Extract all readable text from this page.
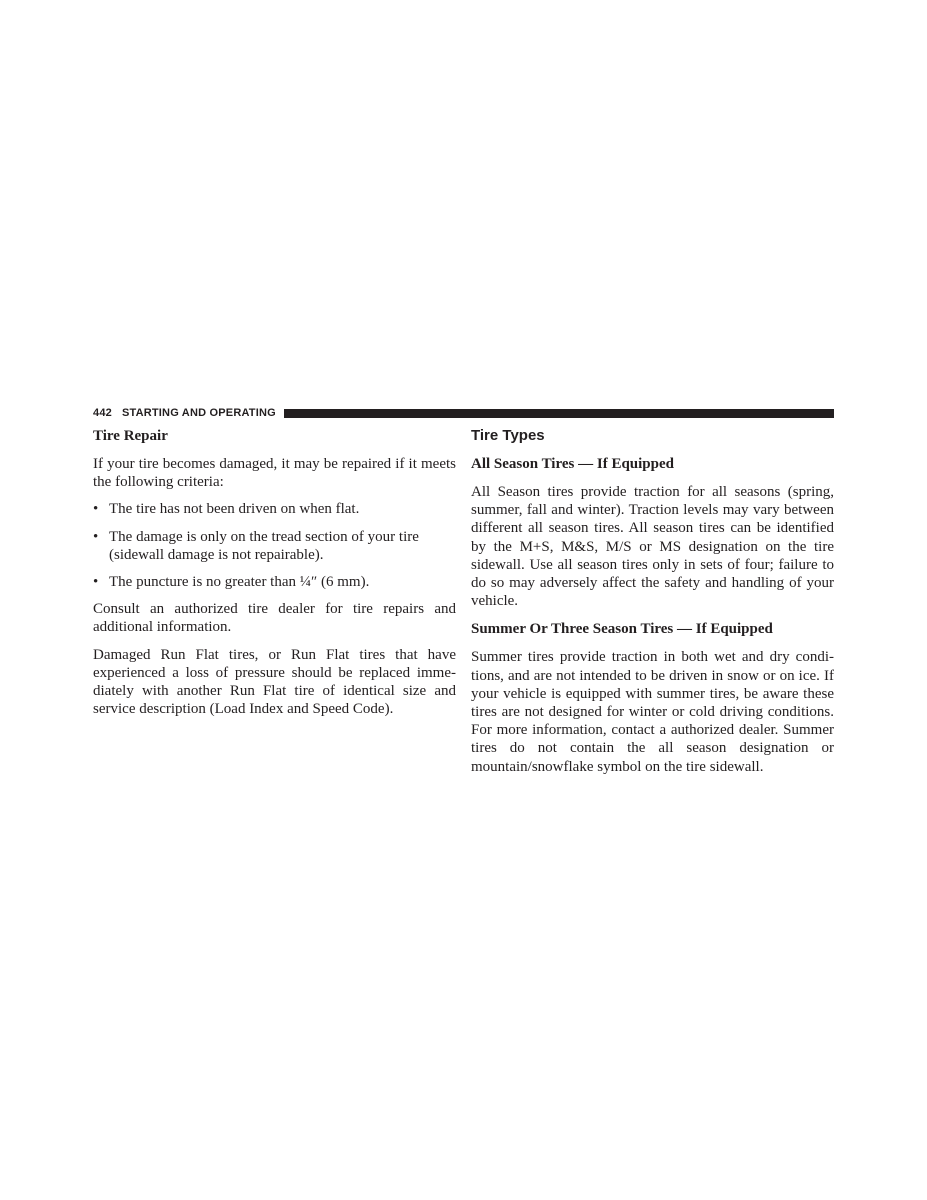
442 STARTING AND OPERATING
Tire Repair

If your tire becomes damaged, it may be repaired if it meets the following criteria:

• The tire has not been driven on when flat.
• The damage is only on the tread section of your tire (sidewall damage is not repairable).
• The puncture is no greater than ¼″ (6 mm).

Consult an authorized tire dealer for tire repairs and additional information.

Damaged Run Flat tires, or Run Flat tires that have experienced a loss of pressure should be replaced immediately with another Run Flat tire of identical size and service description (Load Index and Speed Code).

Tire Types
All Season Tires — If Equipped

All Season tires provide traction for all seasons (spring, summer, fall and winter). Traction levels may vary between different all season tires. All season tires can be identified by the M+S, M&S, M/S or MS designation on the tire sidewall. Use all season tires only in sets of four; failure to do so may adversely affect the safety and handling of your vehicle.

Summer Or Three Season Tires — If Equipped

Summer tires provide traction in both wet and dry conditions, and are not intended to be driven in snow or on ice. If your vehicle is equipped with summer tires, be aware these tires are not designed for winter or cold driving conditions. For more information, contact a authorized dealer. Summer tires do not contain the all season designation or mountain/snowflake symbol on the tire sidewall.
